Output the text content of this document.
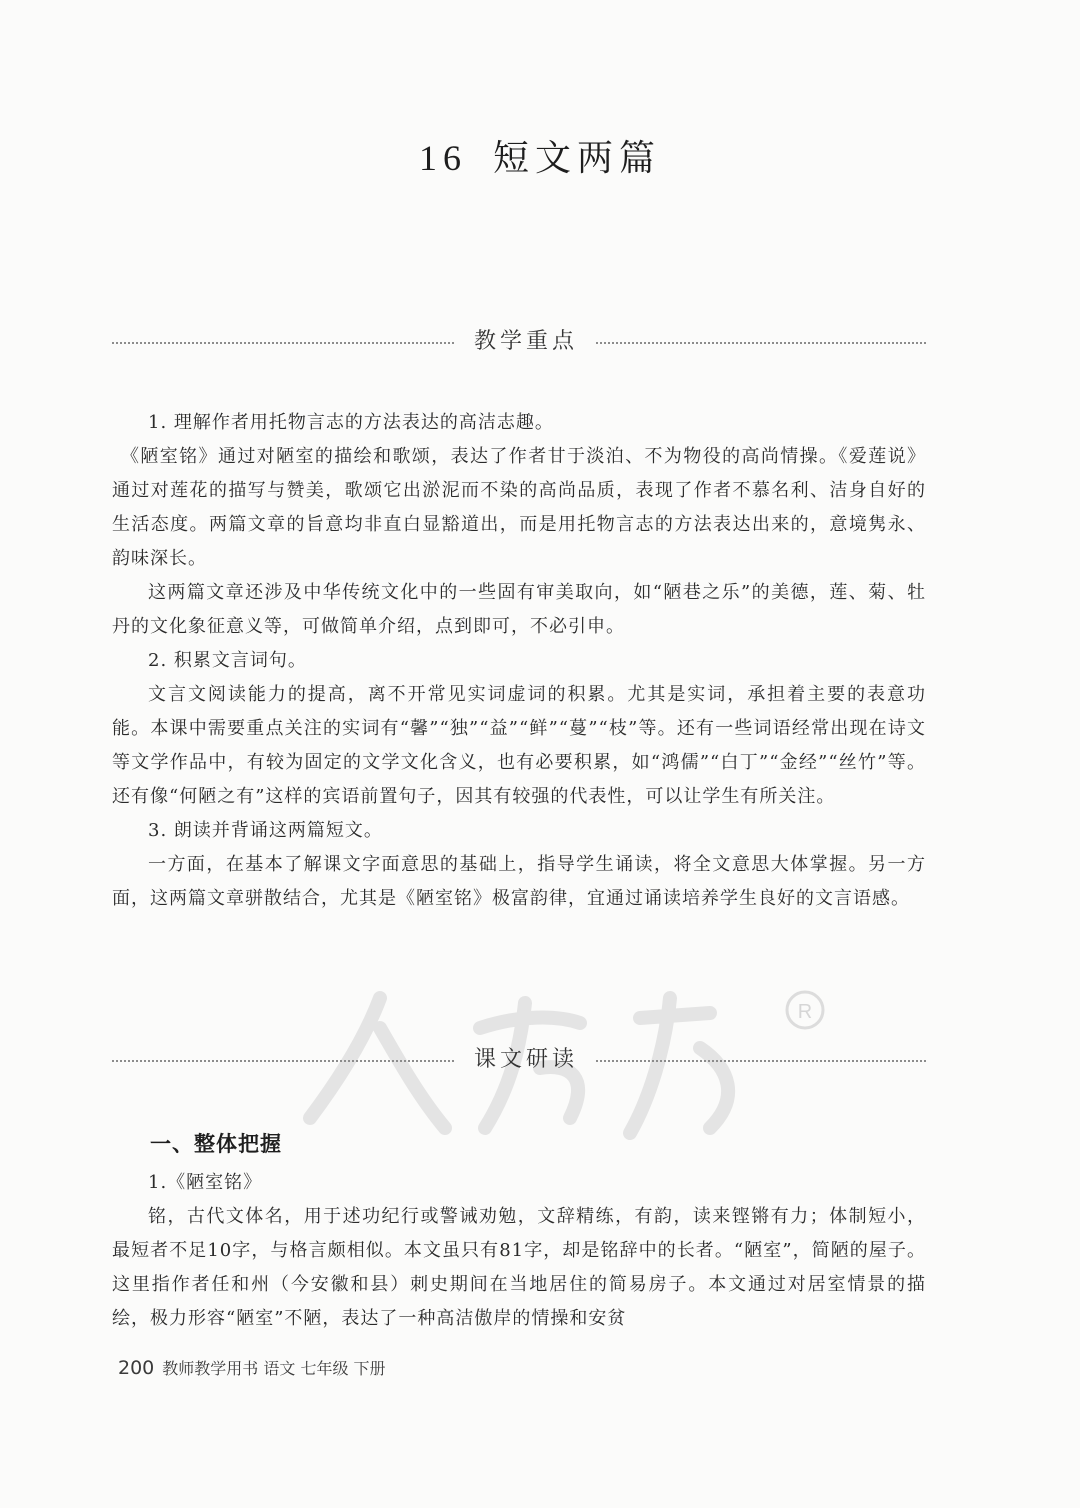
16 短文两篇
教学重点

1. 理解作者用托物言志的方法表达的高洁志趣。

《陋室铭》通过对陋室的描绘和歌颂，表达了作者甘于淡泊、不为物役的高尚情操。《爱莲说》通过对莲花的描写与赞美，歌颂它出淤泥而不染的高尚品质，表现了作者不慕名利、洁身自好的生活态度。两篇文章的旨意均非直白显豁道出，而是用托物言志的方法表达出来的，意境隽永、韵味深长。

这两篇文章还涉及中华传统文化中的一些固有审美取向，如“陋巷之乐”的美德，莲、菊、牡丹的文化象征意义等，可做简单介绍，点到即可，不必引申。

2. 积累文言词句。

文言文阅读能力的提高，离不开常见实词虚词的积累。尤其是实词，承担着主要的表意功能。本课中需要重点关注的实词有“馨”“独”“益”“鲜”“蔓”“枝”等。还有一些词语经常出现在诗文等文学作品中，有较为固定的文学文化含义，也有必要积累，如“鸿儒”“白丁”“金经”“丝竹”等。还有像“何陋之有”这样的宾语前置句子，因其有较强的代表性，可以让学生有所关注。

3. 朗读并背诵这两篇短文。

一方面，在基本了解课文字面意思的基础上，指导学生诵读，将全文意思大体掌握。另一方面，这两篇文章骈散结合，尤其是《陋室铭》极富韵律，宜通过诵读培养学生良好的文言语感。

R
课文研读
一、整体把握

1.《陋室铭》

铭，古代文体名，用于述功纪行或警诫劝勉，文辞精练，有韵，读来铿锵有力；体制短小，最短者不足10字，与格言颇相似。本文虽只有81字，却是铭辞中的长者。“陋室”，简陋的屋子。这里指作者任和州（今安徽和县）刺史期间在当地居住的简易房子。本文通过对居室情景的描绘，极力形容“陋室”不陋，表达了一种高洁傲岸的情操和安贫

200 教师教学用书 语文 七年级 下册
